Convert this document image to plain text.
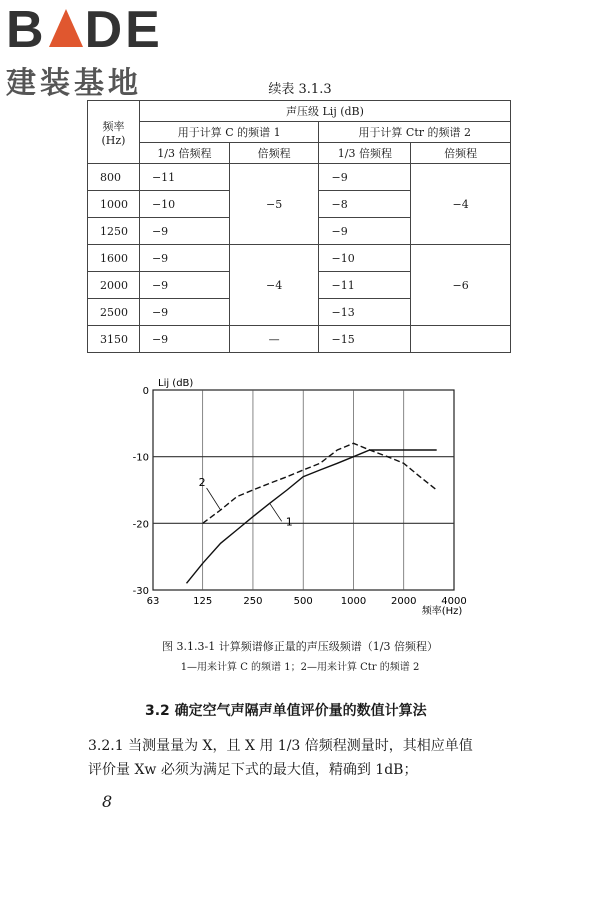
B DE
建装基地	续表 3.1.3
频率
(Hz)	声压级 Lij (dB)			
	用于计算 C 的频谱 1		用于计算 Ctr 的频谱 2	
	1/3 倍频程	倍频程	1/3 倍频程	倍频程
800	−11	−5	−9	−4
1000	−10		−8	
1250	−9		−9	
1600	−9	−4	−10	−6
2000	−9		−11	
2500	−9		−13	
3150	−9	—	−15	
63	125	250	500	1000 2000 4000
0
-10
-20
-30
Lij (dB)
频率(Hz)
1
2
图 3.1.3-1 计算频谱修正量的声压级频谱（1/3 倍频程）
1—用来计算 C 的频谱 1；2—用来计算 Ctr 的频谱 2
3.2 确定空气声隔声单值评价量的数值计算法
3.2.1 当测量量为 X，且 X 用 1/3 倍频程测量时，其相应单值
评价量 Xw 必须为满足下式的最大值，精确到 1dB；
8
